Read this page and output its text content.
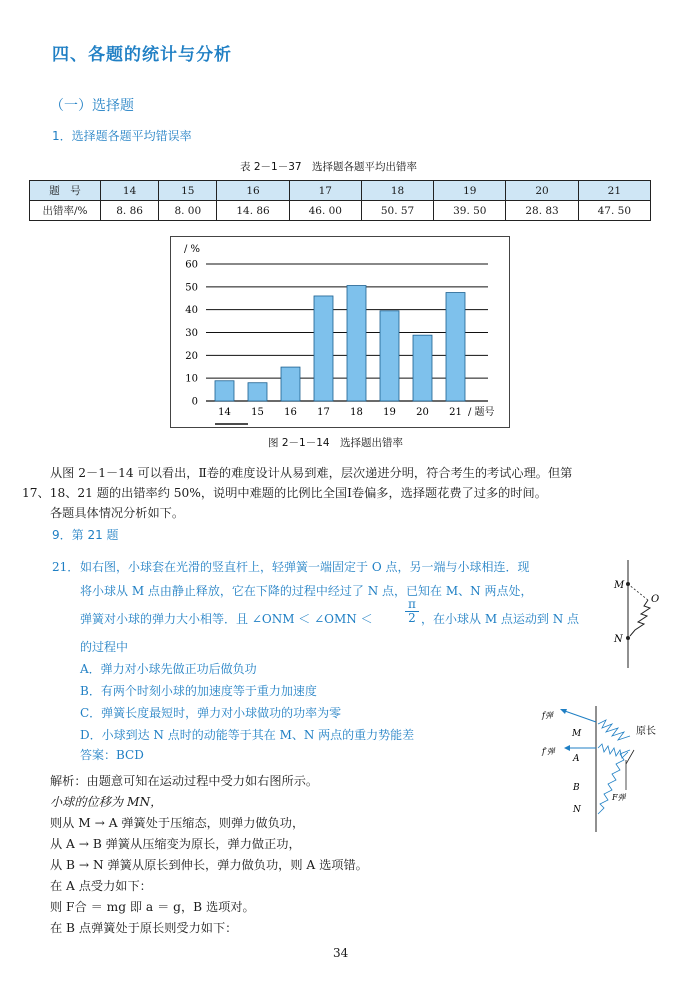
四、各题的统计与分析
（一）选择题
1．选择题各题平均错误率
表 2－1－37　选择题各题平均出错率
题　号	14	15	16	17	18	19	20	21
出错率/%	8. 86	8. 00	14. 86	46. 00	50. 57	39. 50	28. 83	47. 50
/ %
/ 题号
0
10
20
30
40
50
60
14 15 16 17 18 19 20 21
图 2－1－14　选择题出错率
从图 2－1－14 可以看出，Ⅱ卷的难度设计从易到难，层次递进分明，符合考生的考试心理。但第
17、18、21 题的出错率约 50%，说明中难题的比例比全国Ⅰ卷偏多，选择题花费了过多的时间。
各题具体情况分析如下。
9．第 21 题
21． 如右图，小球套在光滑的竖直杆上，轻弹簧一端固定于 O 点，另一端与小球相连．现
将小球从 M 点由静止释放，它在下降的过程中经过了 N 点，已知在 M、N 两点处，
弹簧对小球的弹力大小相等．且 ∠ONM ＜ ∠OMN ＜	$\frac{\pi}{2}$ ，在小球从 M 点运动到 N 点
的过程中
A．弹力对小球先做正功后做负功
B．有两个时刻小球的加速度等于重力加速度
C．弹簧长度最短时，弹力对小球做功的功率为零
D．小球到达 N 点时的动能等于其在 M、N 两点的重力势能差
答案：BCD
M
N
O
f弹
f′弹
M
A
B
N
F弹
原长
解析：由题意可知在运动过程中受力如右图所示。
小球的位移为 MN，
则从 M → A 弹簧处于压缩态，则弹力做负功，
从 A → B 弹簧从压缩变为原长，弹力做正功，
从 B → N 弹簧从原长到伸长，弹力做负功，则 A 选项错。
在 A 点受力如下：
则 F合 ＝ mg 即 a ＝ g，B 选项对。
在 B 点弹簧处于原长则受力如下：
34
